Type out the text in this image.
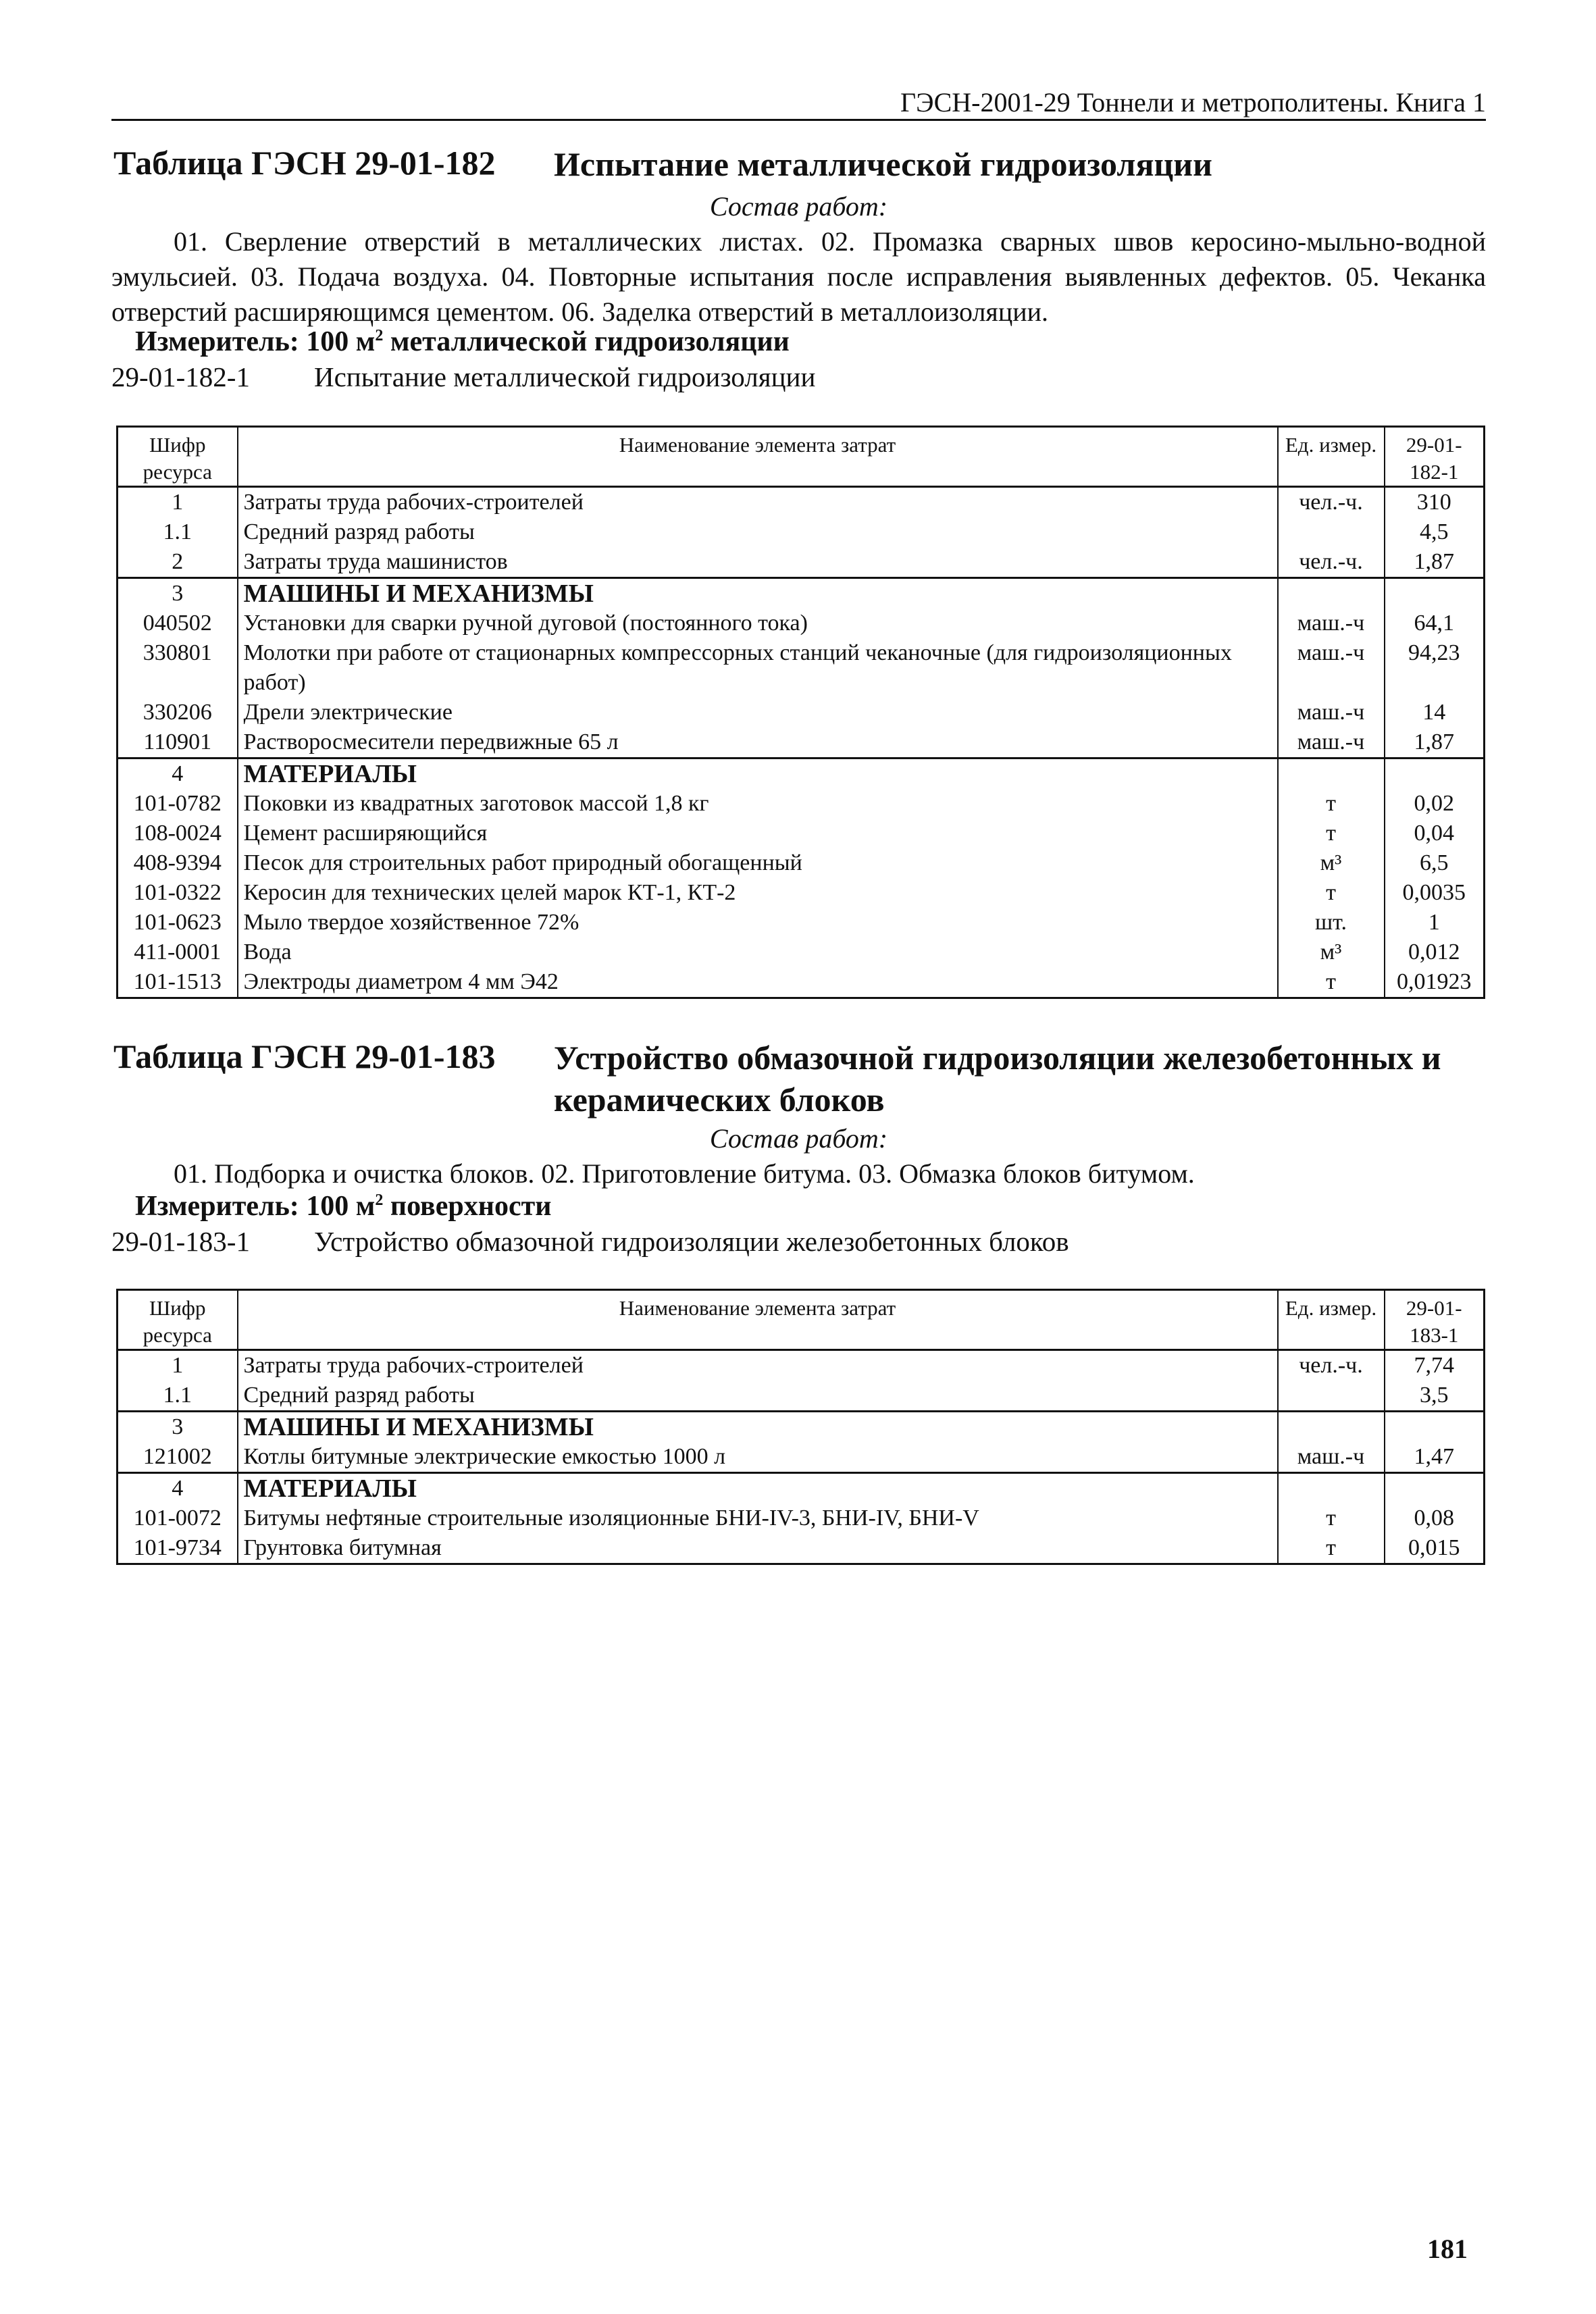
ГЭСН-2001-29 Тоннели и метрополитены. Книга 1
Таблица ГЭСН 29-01-182 Испытание металлической гидроизоляции
Состав работ:
01. Сверление отверстий в металлических листах. 02. Промазка сварных швов керосино-мыльно-водной эмульсией. 03. Подача воздуха. 04. Повторные испытания после исправления выявленных дефектов. 05. Чеканка отверстий расширяющимся цементом. 06. Заделка отверстий в металлоизоляции.
Измеритель: 100 $м^2$ металлической гидроизоляции
29-01-182-1 Испытание металлической гидроизоляции
Шифр ресурса	Наименование элемента затрат	Ед. измер.	29-01-182-1
1	Затраты труда рабочих-строителей	чел.-ч.	310
1.1	Средний разряд работы		4,5
2	Затраты труда машинистов	чел.-ч.	1,87
3	МАШИНЫ И МЕХАНИЗМЫ		
040502	Установки для сварки ручной дуговой (постоянного тока)	маш.-ч	64,1
330801	Молотки при работе от стационарных компрессорных станций чеканочные (для гидроизоляционных работ)	маш.-ч	94,23
330206	Дрели электрические	маш.-ч	14
110901	Растворосмесители передвижные 65 л	маш.-ч	1,87
4	МАТЕРИАЛЫ		
101-0782	Поковки из квадратных заготовок массой 1,8 кг	т	0,02
108-0024	Цемент расширяющийся	т	0,04
408-9394	Песок для строительных работ природный обогащенный	м³	6,5
101-0322	Керосин для технических целей марок КТ-1, КТ-2	т	0,0035
101-0623	Мыло твердое хозяйственное 72%	шт.	1
411-0001	Вода	м³	0,012
101-1513	Электроды диаметром 4 мм Э42	т	0,01923
Таблица ГЭСН 29-01-183 Устройство обмазочной гидроизоляции железобетонных и керамических блоков
Состав работ:
01. Подборка и очистка блоков. 02. Приготовление битума. 03. Обмазка блоков битумом.
Измеритель: 100 $м^2$ поверхности
29-01-183-1 Устройство обмазочной гидроизоляции железобетонных блоков
Шифр ресурса	Наименование элемента затрат	Ед. измер.	29-01-183-1
1	Затраты труда рабочих-строителей	чел.-ч.	7,74
1.1	Средний разряд работы		3,5
3	МАШИНЫ И МЕХАНИЗМЫ		
121002	Котлы битумные электрические емкостью 1000 л	маш.-ч	1,47
4	МАТЕРИАЛЫ		
101-0072	Битумы нефтяные строительные изоляционные БНИ-IV-3, БНИ-IV, БНИ-V	т	0,08
101-9734	Грунтовка битумная	т	0,015
181
